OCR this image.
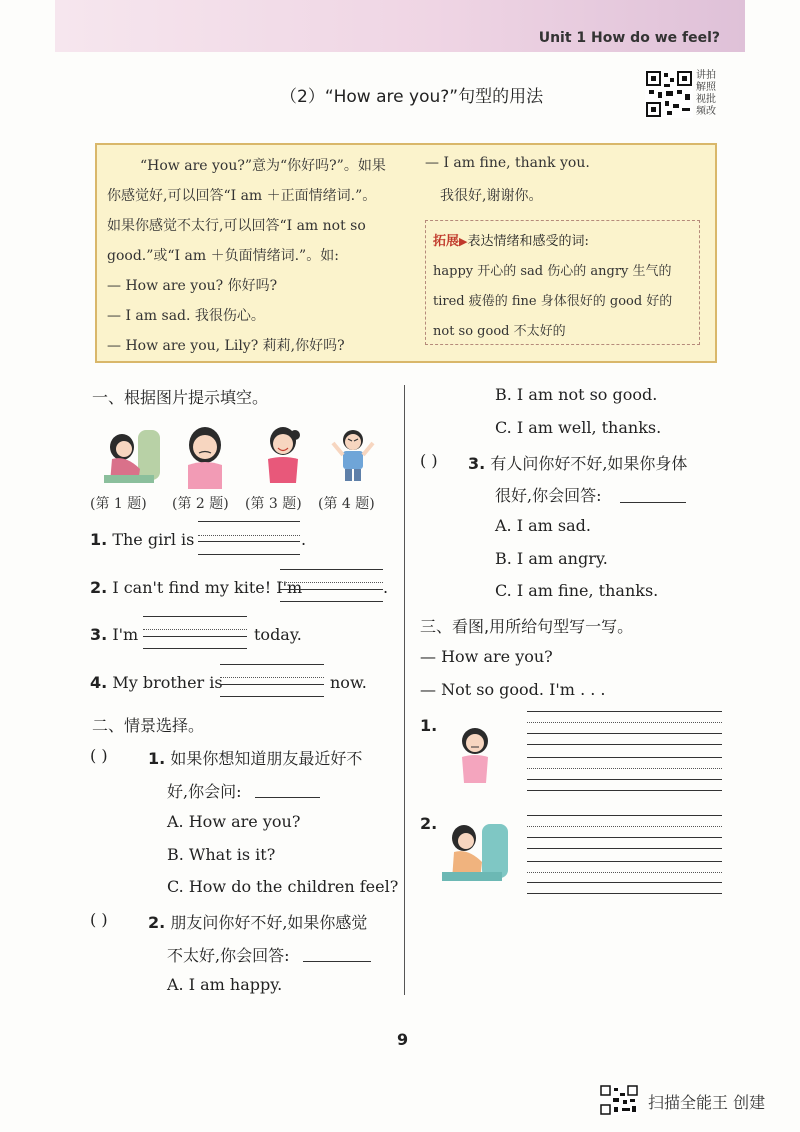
Unit 1 How do we feel?
（2）“How are you?”句型的用法
讲拍
解照
视批
频改
“How are you?”意为“你好吗?”。如果
你感觉好,可以回答“I am ＋正面情绪词.”。
如果你感觉不太行,可以回答“I am not so
good.”或“I am ＋负面情绪词.”。如:
— How are you? 你好吗?
— I am sad. 我很伤心。
— How are you, Lily? 莉莉,你好吗?
— I am fine, thank you.
我很好,谢谢你。
拓展▶表达情绪和感受的词:
happy 开心的 sad 伤心的 angry 生气的
tired 疲倦的 fine 身体很好的 good 好的
not so good 不太好的
一、根据图片提示填空。
(第 1 题) (第 2 题) (第 3 题) (第 4 题)
1. The girl is	.
2. I can't find my kite! I'm	.
3. I'm	today.
4. My brother is	now.
二、情景选择。
( )	1. 如果你想知道朋友最近好不
好,你会问:
A. How are you?
B. What is it?
C. How do the children feel?
( )	2. 朋友问你好不好,如果你感觉
不太好,你会回答:
A. I am happy.
B. I am not so good.
C. I am well, thanks.
( ) 3. 有人问你好不好,如果你身体
很好,你会回答:
A. I am sad.
B. I am angry.
C. I am fine, thanks.
三、看图,用所给句型写一写。
— How are you?
— Not so good. I'm . . .
1.
2.
9
扫描全能王 创建
